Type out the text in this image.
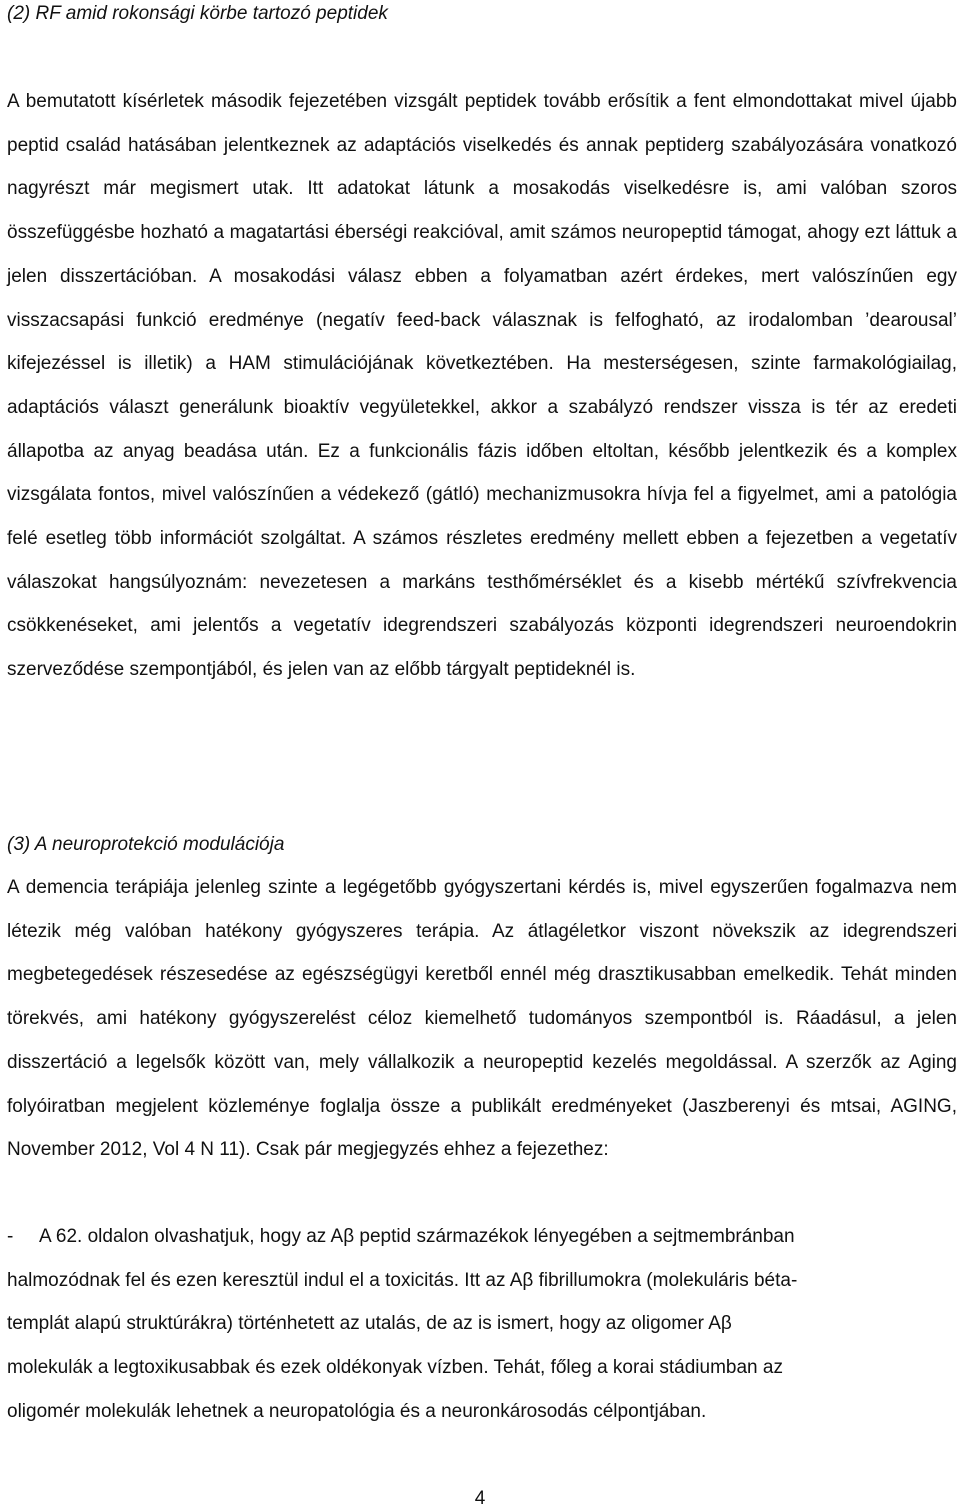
(2) RF amid rokonsági körbe tartozó peptidek

A bemutatott kísérletek második fejezetében vizsgált peptidek tovább erősítik a fent elmondottakat mivel újabb peptid család hatásában jelentkeznek az adaptációs viselkedés és annak peptiderg szabályozására vonatkozó nagyrészt már megismert utak. Itt adatokat látunk a mosakodás viselkedésre is, ami valóban szoros összefüggésbe hozható a magatartási éberségi reakcióval, amit számos neuropeptid támogat, ahogy ezt láttuk a jelen disszertációban. A mosakodási válasz ebben a folyamatban azért érdekes, mert valószínűen egy visszacsapási funkció eredménye (negatív feed-back válasznak is felfogható, az irodalomban ’dearousal’ kifejezéssel is illetik) a HAM stimulációjának következtében. Ha mesterségesen, szinte farmakológiailag, adaptációs választ generálunk bioaktív vegyületekkel, akkor a szabályzó rendszer vissza is tér az eredeti állapotba az anyag beadása után. Ez a funkcionális fázis időben eltoltan, később jelentkezik és a komplex vizsgálata fontos, mivel valószínűen a védekező (gátló) mechanizmusokra hívja fel a figyelmet, ami a patológia felé esetleg több információt szolgáltat. A számos részletes eredmény mellett ebben a fejezetben a vegetatív válaszokat hangsúlyoznám: nevezetesen a markáns testhőmérséklet és a kisebb mértékű szívfrekvencia csökkenéseket, ami jelentős a vegetatív idegrendszeri szabályozás központi idegrendszeri neuroendokrin szerveződése szempontjából, és jelen van az előbb tárgyalt peptideknél is.

(3) A neuroprotekció modulációja

A demencia terápiája jelenleg szinte a legégetőbb gyógyszertani kérdés is, mivel egyszerűen fogalmazva nem létezik még valóban hatékony gyógyszeres terápia. Az átlagéletkor viszont növekszik az idegrendszeri megbetegedések részesedése az egészségügyi keretből ennél még drasztikusabban emelkedik. Tehát minden törekvés, ami hatékony gyógyszerelést céloz kiemelhető tudományos szempontból is. Ráadásul, a jelen disszertáció a legelsők között van, mely vállalkozik a neuropeptid kezelés megoldással. A szerzők az Aging folyóiratban megjelent közleménye foglalja össze a publikált eredményeket (Jaszberenyi és mtsai, AGING, November 2012, Vol 4 N 11). Csak pár megjegyzés ehhez a fejezethez:

- A 62. oldalon olvashatjuk, hogy az Aβ peptid származékok lényegében a sejtmembránban
halmozódnak fel és ezen keresztül indul el a toxicitás. Itt az Aβ fibrillumokra (molekuláris béta-
templát alapú struktúrákra) történhetett az utalás, de az is ismert, hogy az oligomer Aβ
molekulák a legtoxikusabbak és ezek oldékonyak vízben. Tehát, főleg a korai stádiumban az
oligomér molekulák lehetnek a neuropatológia és a neuronkárosodás célpontjában.
4
